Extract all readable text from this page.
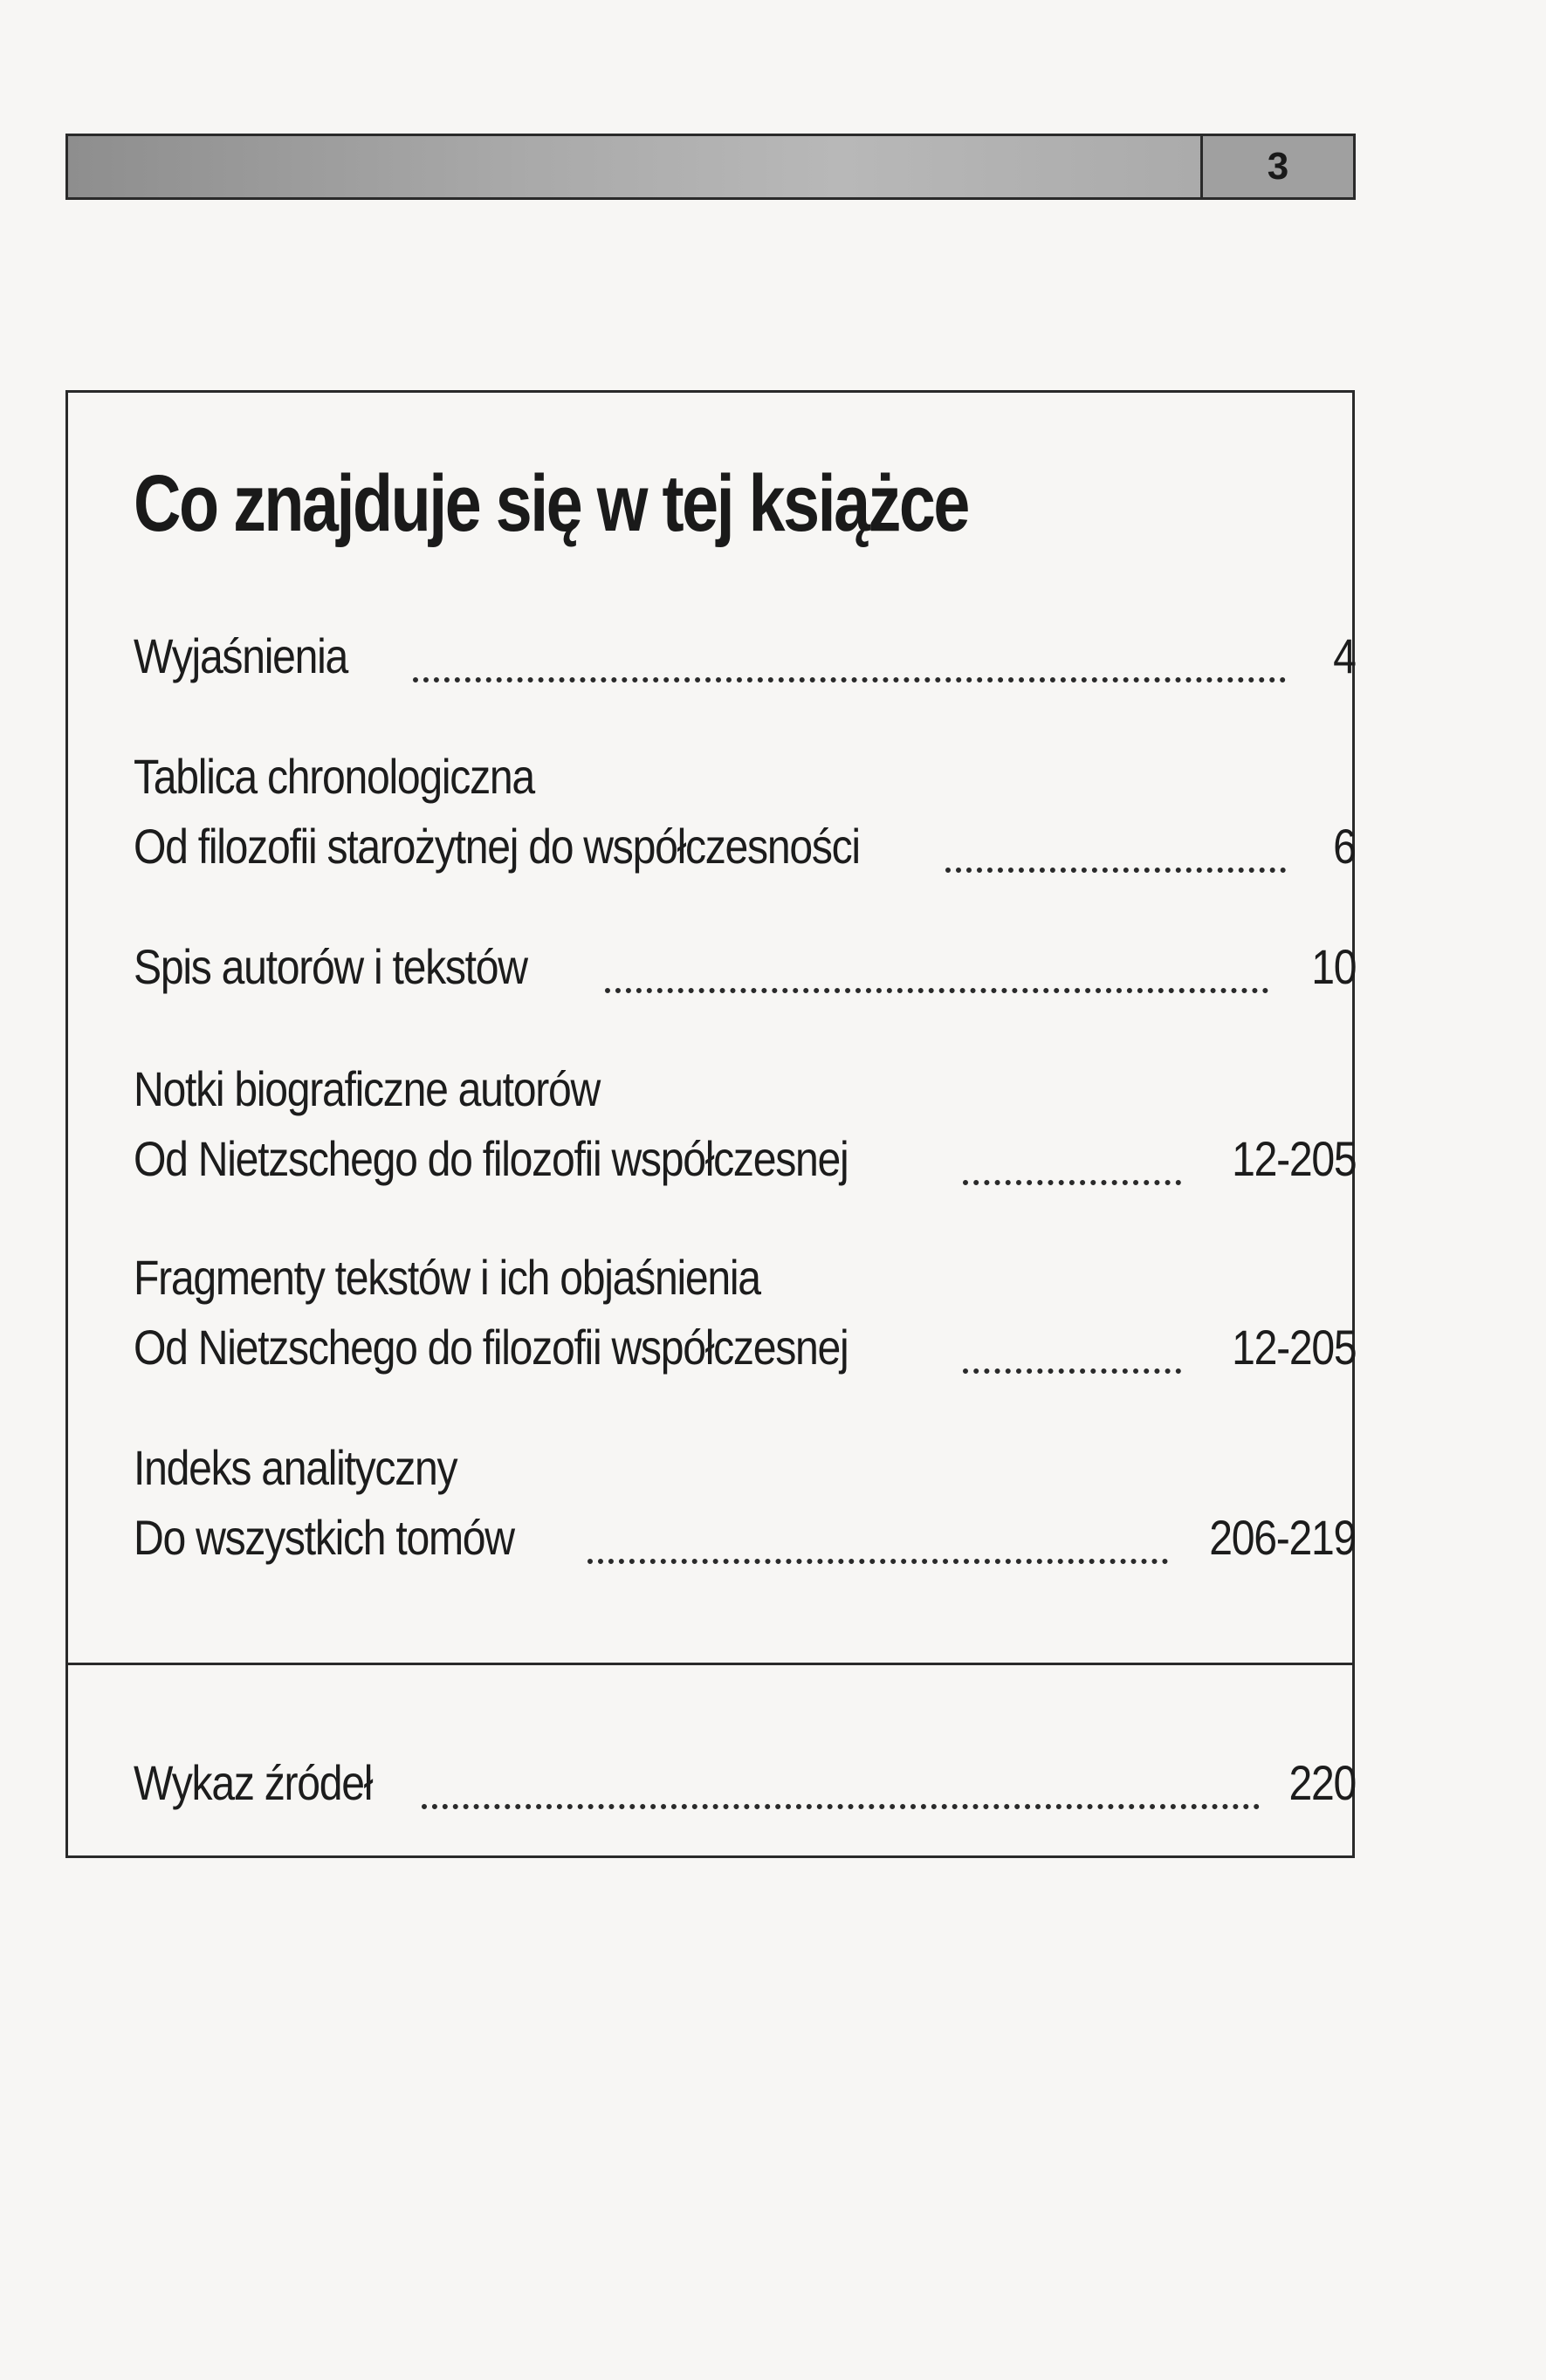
3
Co znajduje się w tej książce
Wyjaśnienia	4
Tablica chronologiczna
Od filozofii starożytnej do współczesności	6
Spis autorów i tekstów	10
Notki biograficzne autorów
Od Nietzschego do filozofii współczesnej	12-205
Fragmenty tekstów i ich objaśnienia
Od Nietzschego do filozofii współczesnej	12-205
Indeks analityczny
Do wszystkich tomów	206-219
Wykaz źródeł	220
